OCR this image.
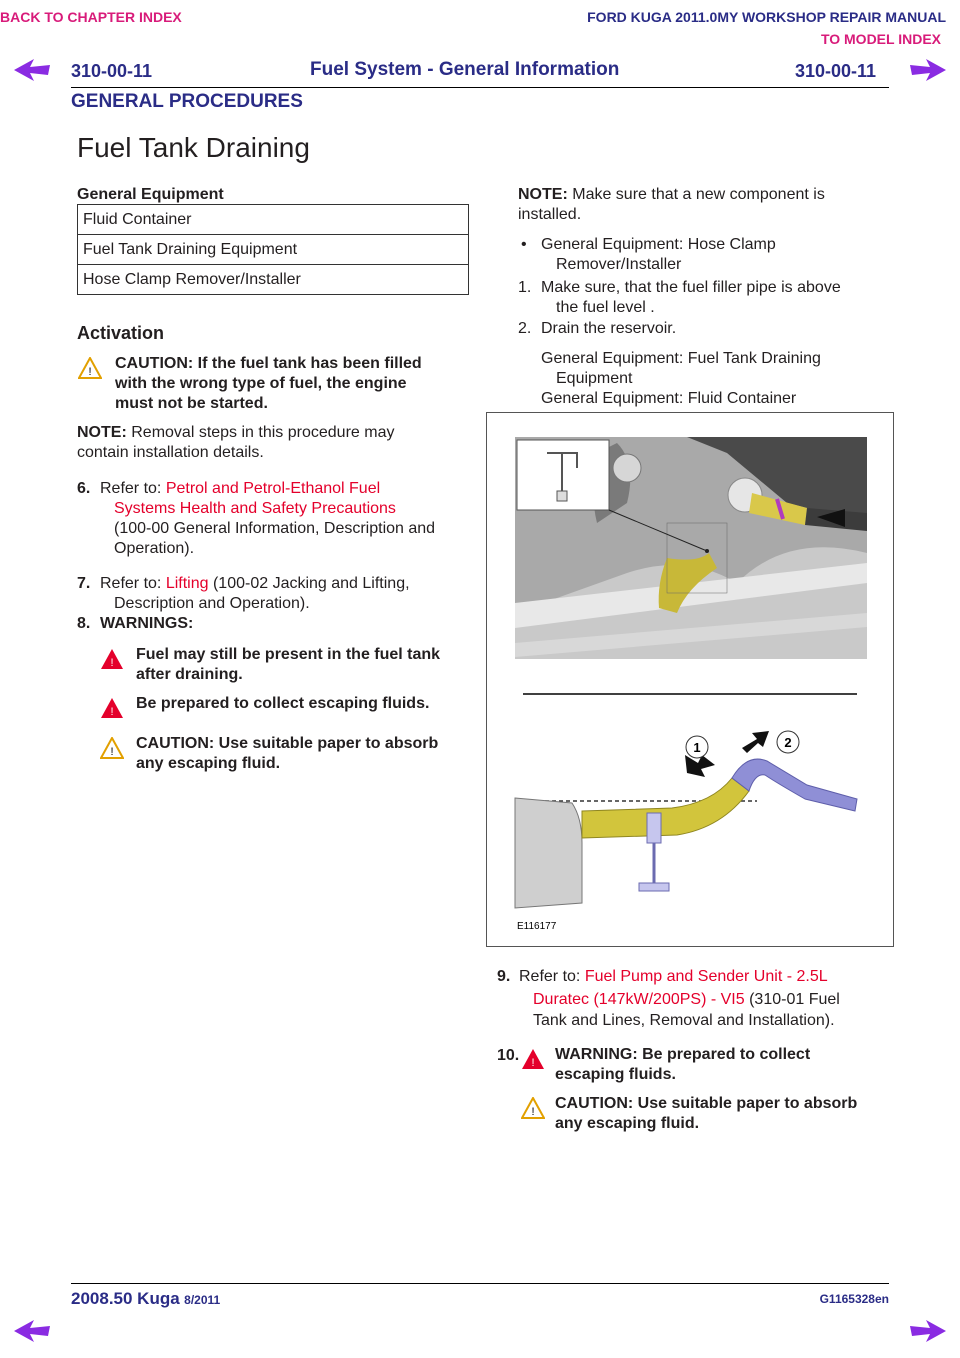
BACK TO CHAPTER INDEX	FORD KUGA 2011.0MY WORKSHOP REPAIR MANUAL
TO MODEL INDEX
310-00-11	Fuel System - General Information	310-00-11
GENERAL PROCEDURES
Fuel Tank Draining
General Equipment
Fluid Container
Fuel Tank Draining Equipment
Hose Clamp Remover/Installer
Activation
! CAUTION: If the fuel tank has been filled
with the wrong type of fuel, the engine
must not be started.
NOTE: Removal steps in this procedure may
contain installation details.
6. Refer to: Petrol and Petrol-Ethanol Fuel
Systems Health and Safety Precautions
(100-00 General Information, Description and
Operation).
7. Refer to: Lifting (100-02 Jacking and Lifting,
Description and Operation).
8. WARNINGS:
! Fuel may still be present in the fuel tank
after draining.
! Be prepared to collect escaping fluids.
! CAUTION: Use suitable paper to absorb
any escaping fluid.
NOTE: Make sure that a new component is
installed.
• General Equipment: Hose Clamp
Remover/Installer
1. Make sure, that the fuel filler pipe is above
the fuel level .
2. Drain the reservoir.
General Equipment: Fuel Tank Draining
Equipment
General Equipment: Fluid Container
1	2
E116177
9. Refer to: Fuel Pump and Sender Unit - 2.5L
Duratec (147kW/200PS) - VI5 (310-01 Fuel
Tank and Lines, Removal and Installation).
10. ! WARNING: Be prepared to collect
escaping fluids.
! CAUTION: Use suitable paper to absorb
any escaping fluid.
2008.50 Kuga 8/2011	G1165328en
